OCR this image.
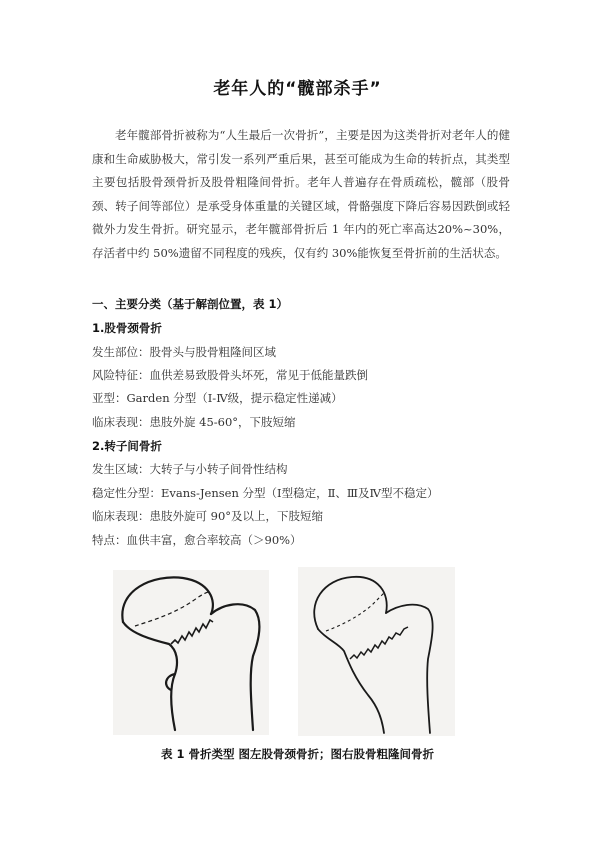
老年人的“髋部杀手”

老年髋部骨折被称为“人生最后一次骨折”，主要是因为这类骨折对老年人的健康和生命威胁极大，常引发一系列严重后果，甚至可能成为生命的转折点，其类型主要包括股骨颈骨折及股骨粗隆间骨折。老年人普遍存在骨质疏松，髋部（股骨颈、转子间等部位）是承受身体重量的关键区域，骨骼强度下降后容易因跌倒或轻微外力发生骨折。研究显示，老年髋部骨折后 1 年内的死亡率高达20%~30%，存活者中约 50%遗留不同程度的残疾，仅有约 30%能恢复至骨折前的生活状态。

一、主要分类（基于解剖位置，表 1）
1.股骨颈骨折
发生部位：股骨头与股骨粗隆间区域
风险特征：血供差易致股骨头坏死，常见于低能量跌倒
亚型：Garden 分型（Ⅰ-Ⅳ级，提示稳定性递减）
临床表现：患肢外旋 45-60°，下肢短缩
2.转子间骨折
发生区域：大转子与小转子间骨性结构
稳定性分型：Evans-Jensen 分型（Ⅰ型稳定，Ⅱ、Ⅲ及Ⅳ型不稳定）
临床表现：患肢外旋可 90°及以上，下肢短缩
特点：血供丰富，愈合率较高（＞90%）
表 1 骨折类型 图左股骨颈骨折；图右股骨粗隆间骨折
